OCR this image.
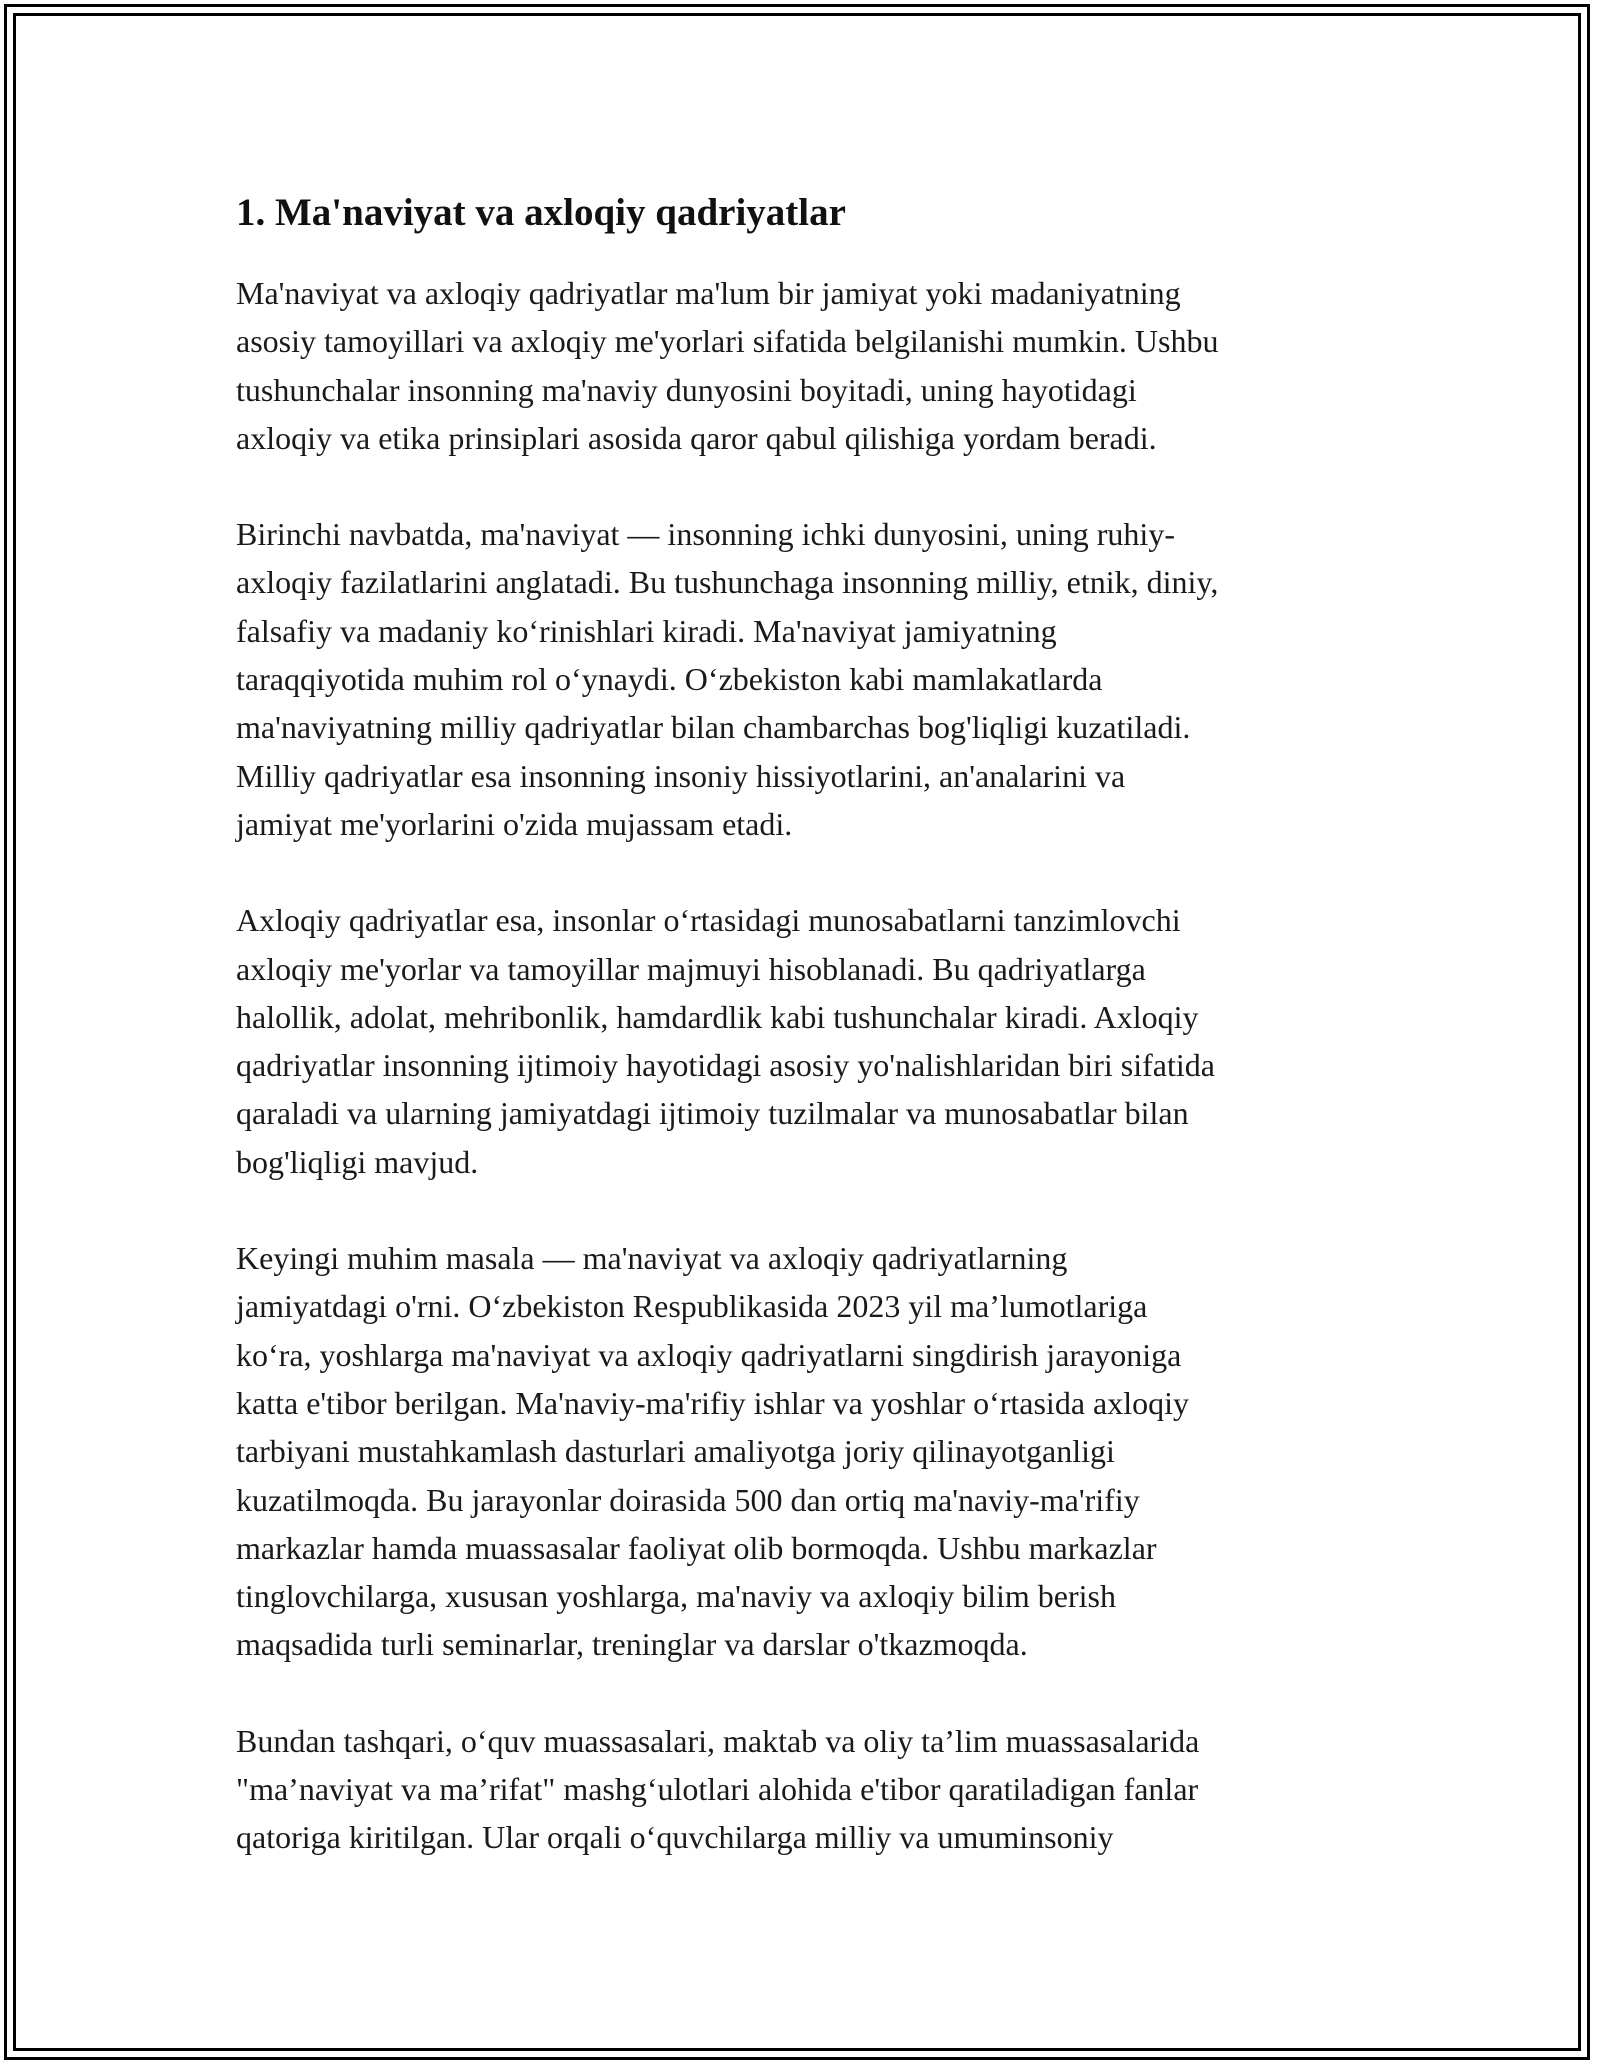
1. Ma'naviyat va axloqiy qadriyatlar

Ma'naviyat va axloqiy qadriyatlar ma'lum bir jamiyat yoki madaniyatning
asosiy tamoyillari va axloqiy me'yorlari sifatida belgilanishi mumkin. Ushbu
tushunchalar insonning ma'naviy dunyosini boyitadi, uning hayotidagi
axloqiy va etika prinsiplari asosida qaror qabul qilishiga yordam beradi.

Birinchi navbatda, ma'naviyat — insonning ichki dunyosini, uning ruhiy-
axloqiy fazilatlarini anglatadi. Bu tushunchaga insonning milliy, etnik, diniy,
falsafiy va madaniy koʻrinishlari kiradi. Ma'naviyat jamiyatning
taraqqiyotida muhim rol oʻynaydi. Oʻzbekiston kabi mamlakatlarda
ma'naviyatning milliy qadriyatlar bilan chambarchas bog'liqligi kuzatiladi.
Milliy qadriyatlar esa insonning insoniy hissiyotlarini, an'analarini va
jamiyat me'yorlarini o'zida mujassam etadi.

Axloqiy qadriyatlar esa, insonlar oʻrtasidagi munosabatlarni tanzimlovchi
axloqiy me'yorlar va tamoyillar majmuyi hisoblanadi. Bu qadriyatlarga
halollik, adolat, mehribonlik, hamdardlik kabi tushunchalar kiradi. Axloqiy
qadriyatlar insonning ijtimoiy hayotidagi asosiy yo'nalishlaridan biri sifatida
qaraladi va ularning jamiyatdagi ijtimoiy tuzilmalar va munosabatlar bilan
bog'liqligi mavjud.

Keyingi muhim masala — ma'naviyat va axloqiy qadriyatlarning
jamiyatdagi o'rni. Oʻzbekiston Respublikasida 2023 yil ma’lumotlariga
koʻra, yoshlarga ma'naviyat va axloqiy qadriyatlarni singdirish jarayoniga
katta e'tibor berilgan. Ma'naviy-ma'rifiy ishlar va yoshlar oʻrtasida axloqiy
tarbiyani mustahkamlash dasturlari amaliyotga joriy qilinayotganligi
kuzatilmoqda. Bu jarayonlar doirasida 500 dan ortiq ma'naviy-ma'rifiy
markazlar hamda muassasalar faoliyat olib bormoqda. Ushbu markazlar
tinglovchilarga, xususan yoshlarga, ma'naviy va axloqiy bilim berish
maqsadida turli seminarlar, treninglar va darslar o'tkazmoqda.

Bundan tashqari, oʻquv muassasalari, maktab va oliy ta’lim muassasalarida
"ma’naviyat va ma’rifat" mashgʻulotlari alohida e'tibor qaratiladigan fanlar
qatoriga kiritilgan. Ular orqali oʻquvchilarga milliy va umuminsoniy
